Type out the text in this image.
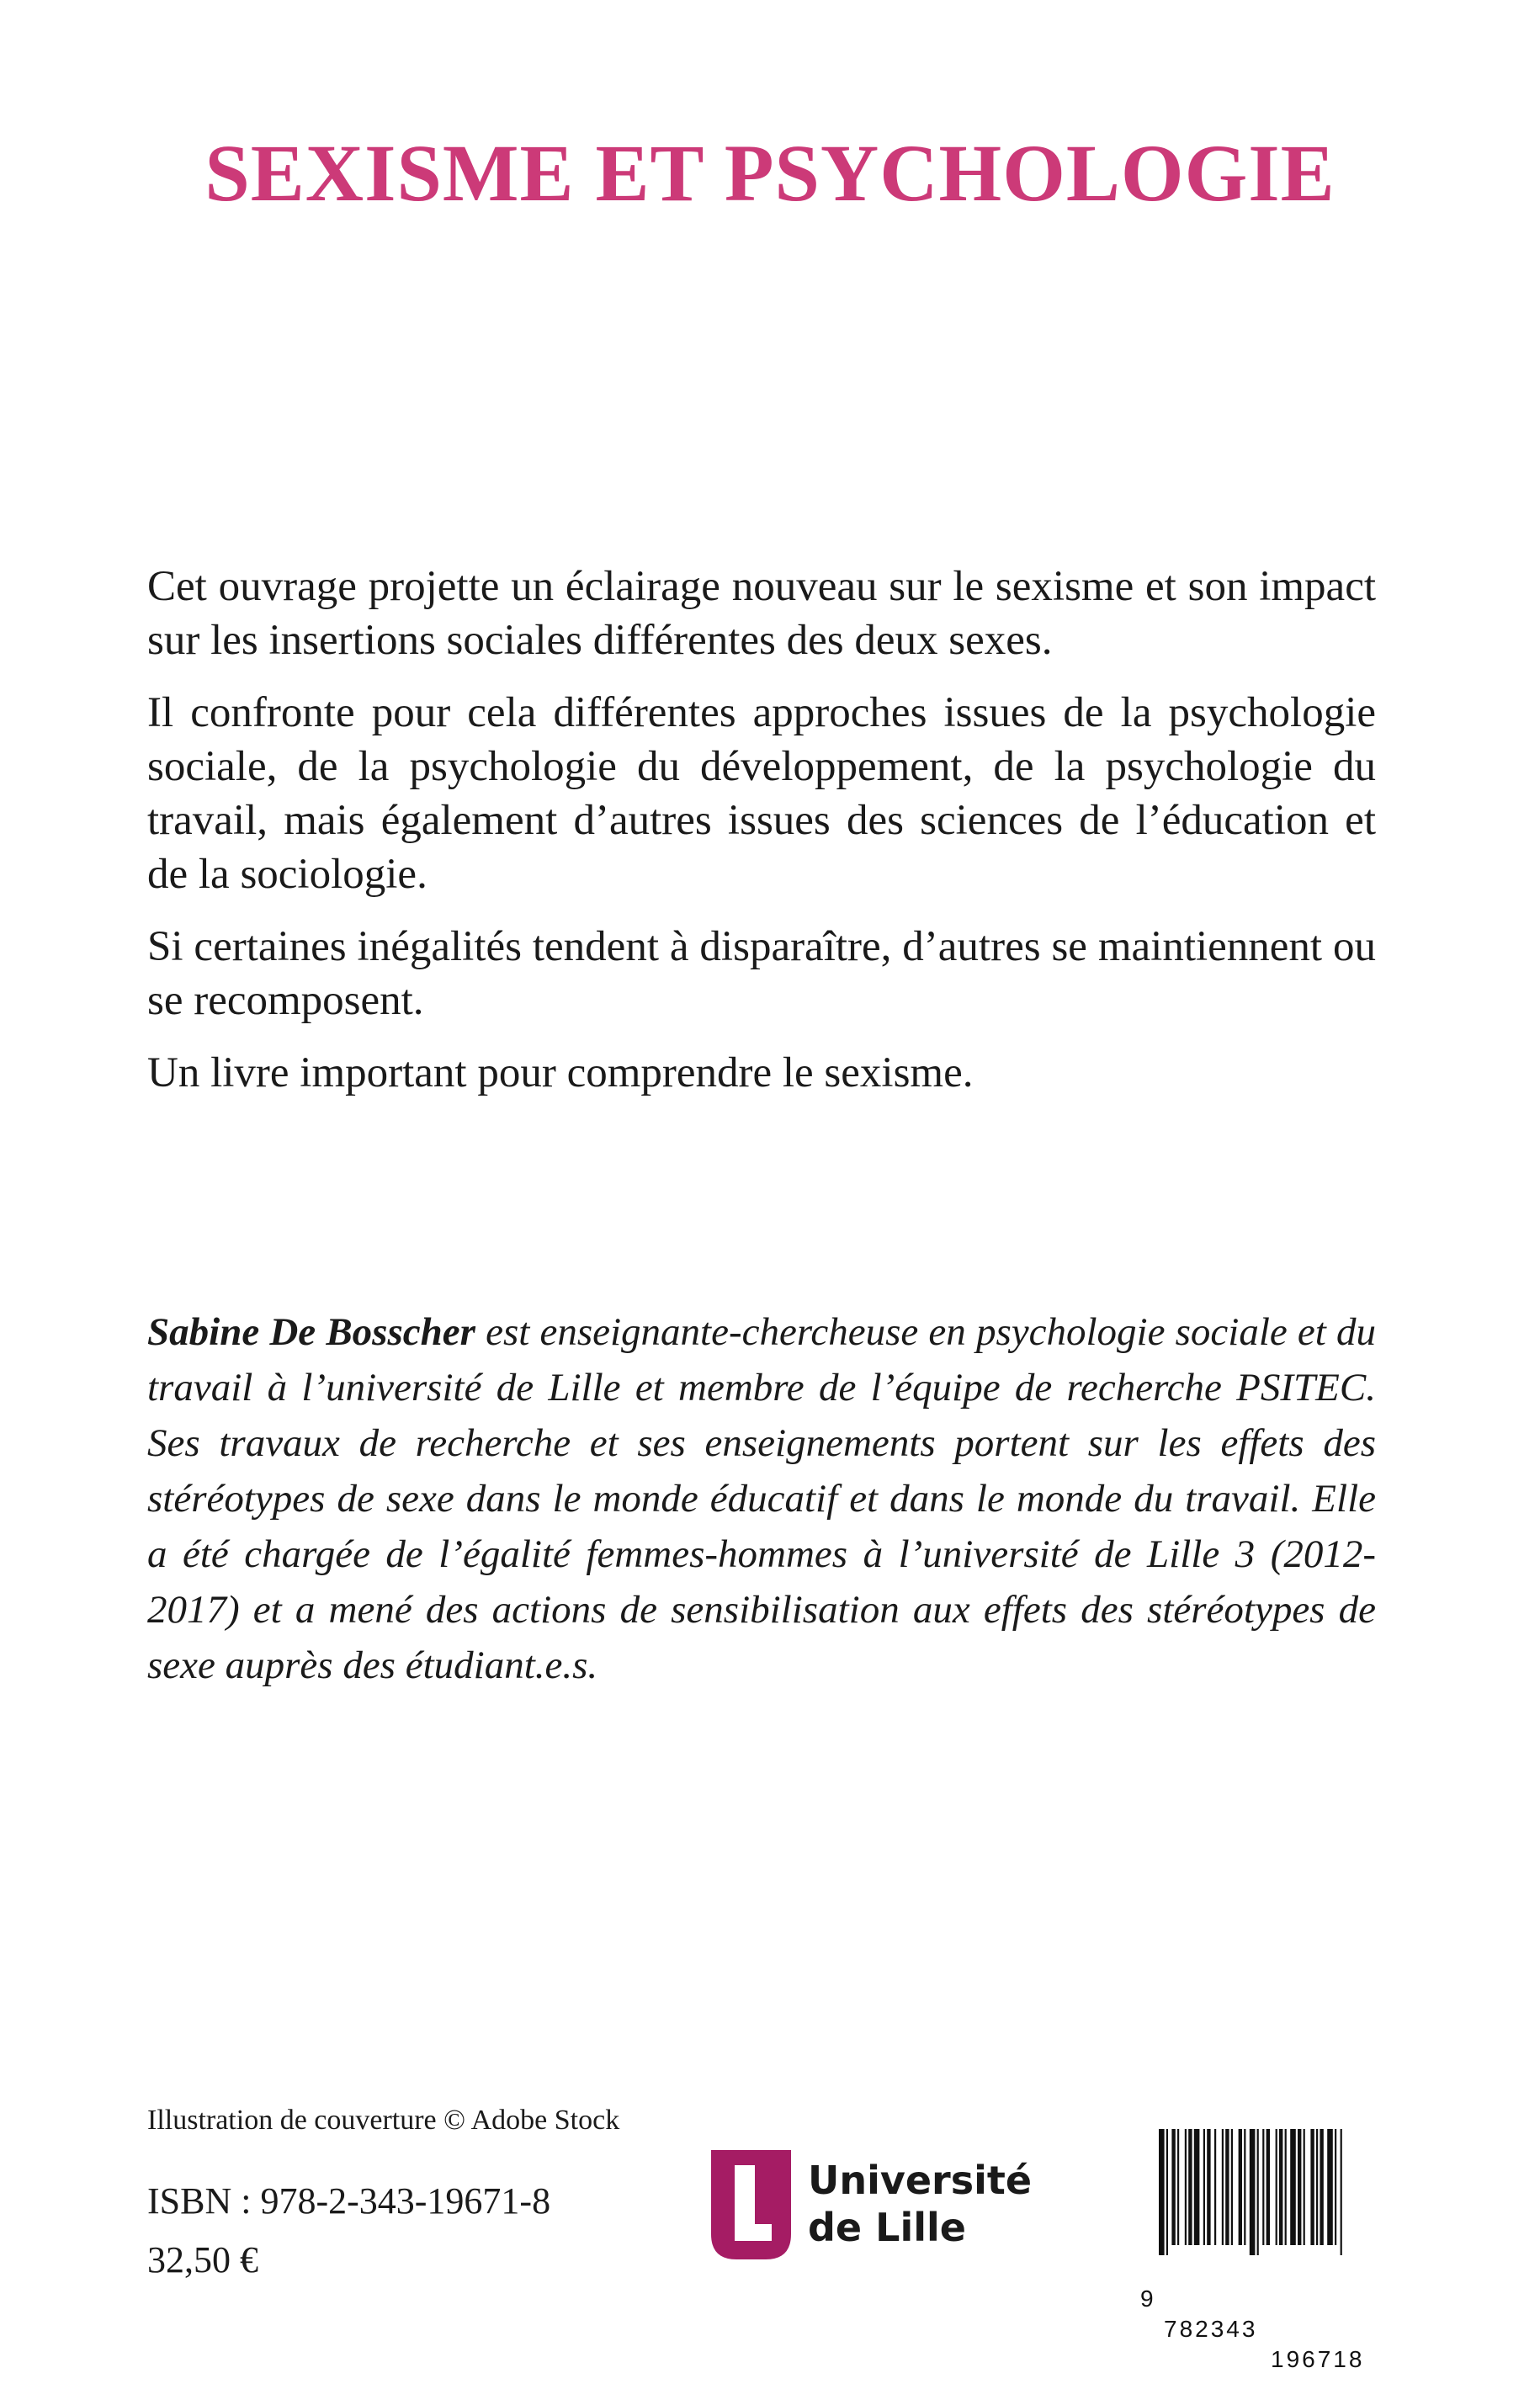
SEXISME ET PSYCHOLOGIE

Cet ouvrage projette un éclairage nouveau sur le sexisme et son impact sur les insertions sociales différentes des deux sexes.

Il confronte pour cela différentes approches issues de la psychologie sociale, de la psychologie du développement, de la psychologie du travail, mais également d’autres issues des sciences de l’éducation et de la sociologie.

Si certaines inégalités tendent à disparaître, d’autres se maintiennent ou se recomposent.

Un livre important pour comprendre le sexisme.

Sabine De Bosscher est enseignante-chercheuse en psychologie sociale et du travail à l’université de Lille et membre de l’équipe de recherche PSITEC. Ses travaux de recherche et ses enseignements portent sur les effets des stéréotypes de sexe dans le monde éducatif et dans le monde du travail. Elle a été chargée de l’égalité femmes-hommes à l’université de Lille 3 (2012-2017) et a mené des actions de sensibilisation aux effets des stéréotypes de sexe auprès des étudiant.e.s.

Illustration de couverture © Adobe Stock

ISBN : 978-2-343-19671-8

32,50 €

Université
de Lille

9

782343

196718
